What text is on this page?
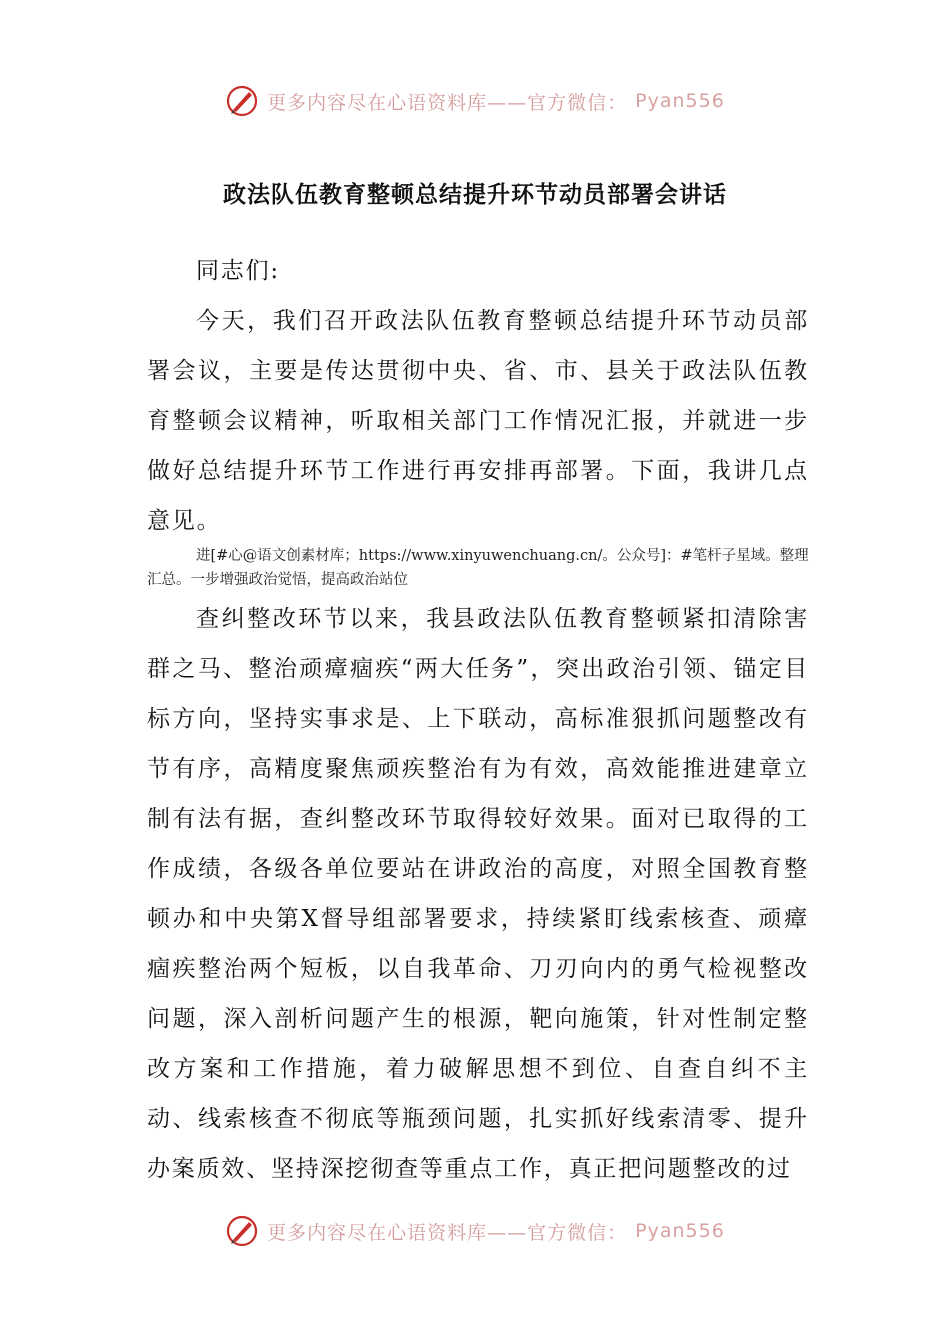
更多内容尽在心语资料库——官方微信： Pyan556
政法队伍教育整顿总结提升环节动员部署会讲话
同志们:
今天，我们召开政法队伍教育整顿总结提升环节动员部署会议，主要是传达贯彻中央、省、市、县关于政法队伍教育整顿会议精神，听取相关部门工作情况汇报，并就进一步做好总结提升环节工作进行再安排再部署。下面，我讲几点意见。
进[#心@语文创素材库；https://www.xinyuwenchuang.cn/。公众号]：#笔杆子星域。整理汇总。一步增强政治觉悟，提高政治站位
查纠整改环节以来，我县政法队伍教育整顿紧扣清除害群之马、整治顽瘴痼疾“两大任务”，突出政治引领、锚定目标方向，坚持实事求是、上下联动，高标准狠抓问题整改有节有序，高精度聚焦顽疾整治有为有效，高效能推进建章立制有法有据，查纠整改环节取得较好效果。面对已取得的工作成绩，各级各单位要站在讲政治的高度，对照全国教育整顿办和中央第X督导组部署要求，持续紧盯线索核查、顽瘴痼疾整治两个短板，以自我革命、刀刃向内的勇气检视整改问题，深入剖析问题产生的根源，靶向施策，针对性制定整改方案和工作措施，着力破解思想不到位、自查自纠不主动、线索核查不彻底等瓶颈问题，扎实抓好线索清零、提升办案质效、坚持深挖彻查等重点工作，真正把问题整改的过
更多内容尽在心语资料库——官方微信： Pyan556
